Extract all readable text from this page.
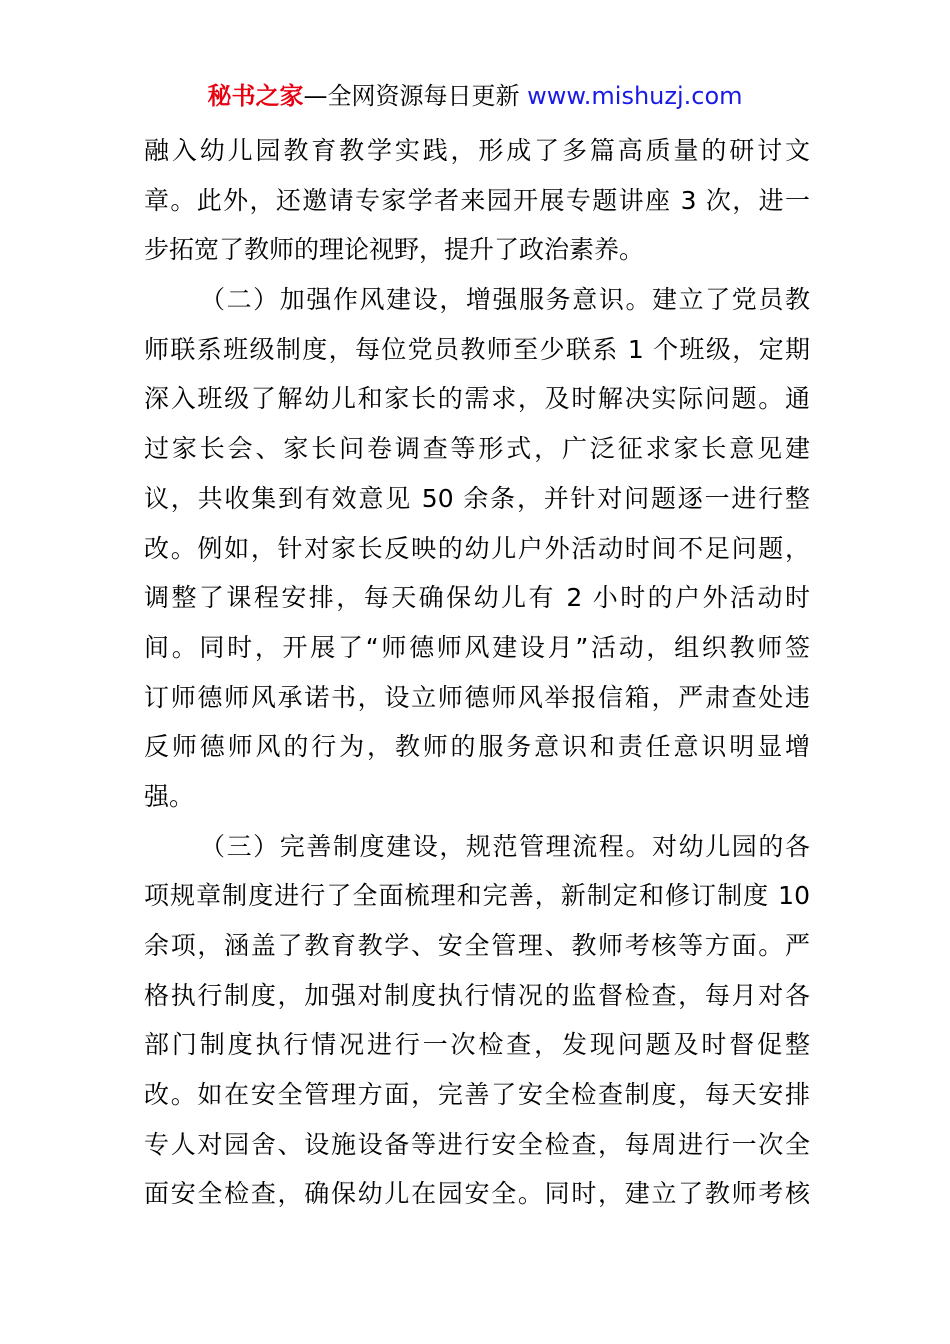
秘书之家—全网资源每日更新 www.mishuzj.com
融入幼儿园教育教学实践，形成了多篇高质量的研讨文
章。此外，还邀请专家学者来园开展专题讲座 3 次，进一
步拓宽了教师的理论视野，提升了政治素养。
（二）加强作风建设，增强服务意识。建立了党员教
师联系班级制度，每位党员教师至少联系 1 个班级，定期
深入班级了解幼儿和家长的需求，及时解决实际问题。通
过家长会、家长问卷调查等形式，广泛征求家长意见建
议，共收集到有效意见 50 余条，并针对问题逐一进行整
改。例如，针对家长反映的幼儿户外活动时间不足问题，
调整了课程安排，每天确保幼儿有 2 小时的户外活动时
间。同时，开展了“师德师风建设月”活动，组织教师签
订师德师风承诺书，设立师德师风举报信箱，严肃查处违
反师德师风的行为，教师的服务意识和责任意识明显增
强。
（三）完善制度建设，规范管理流程。对幼儿园的各
项规章制度进行了全面梳理和完善，新制定和修订制度 10
余项，涵盖了教育教学、安全管理、教师考核等方面。严
格执行制度，加强对制度执行情况的监督检查，每月对各
部门制度执行情况进行一次检查，发现问题及时督促整
改。如在安全管理方面，完善了安全检查制度，每天安排
专人对园舍、设施设备等进行安全检查，每周进行一次全
面安全检查，确保幼儿在园安全。同时，建立了教师考核
